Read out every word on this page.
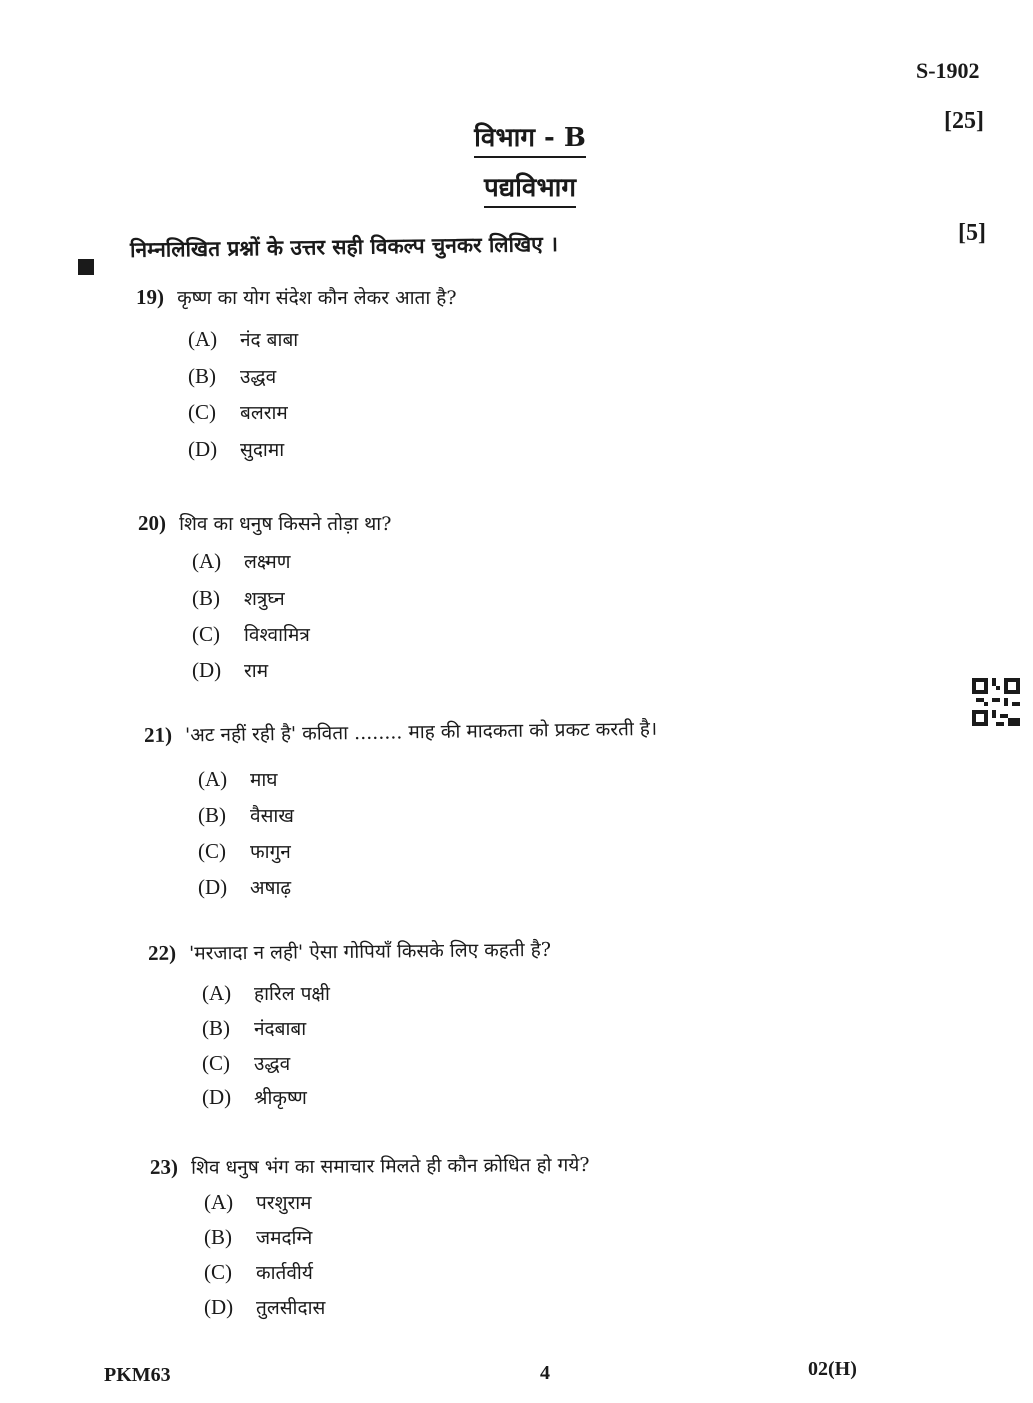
S-1902
[25]
विभाग - B
पद्यविभाग
[5]
निम्नलिखित प्रश्नों के उत्तर सही विकल्प चुनकर लिखिए ।
19) कृष्ण का योग संदेश कौन लेकर आता है?
(A) नंद बाबा
(B) उद्धव
(C) बलराम
(D) सुदामा
20) शिव का धनुष किसने तोड़ा था?
(A) लक्ष्मण
(B) शत्रुघ्न
(C) विश्वामित्र
(D) राम
21) 'अट नहीं रही है' कविता ........ माह की मादकता को प्रकट करती है।
(A) माघ
(B) वैसाख
(C) फागुन
(D) अषाढ़
22) 'मरजादा न लही' ऐसा गोपियाँ किसके लिए कहती है?
(A) हारिल पक्षी
(B) नंदबाबा
(C) उद्धव
(D) श्रीकृष्ण
23) शिव धनुष भंग का समाचार मिलते ही कौन क्रोधित हो गये?
(A) परशुराम
(B) जमदग्नि
(C) कार्तवीर्य
(D) तुलसीदास
PKM63	4	02(H)
